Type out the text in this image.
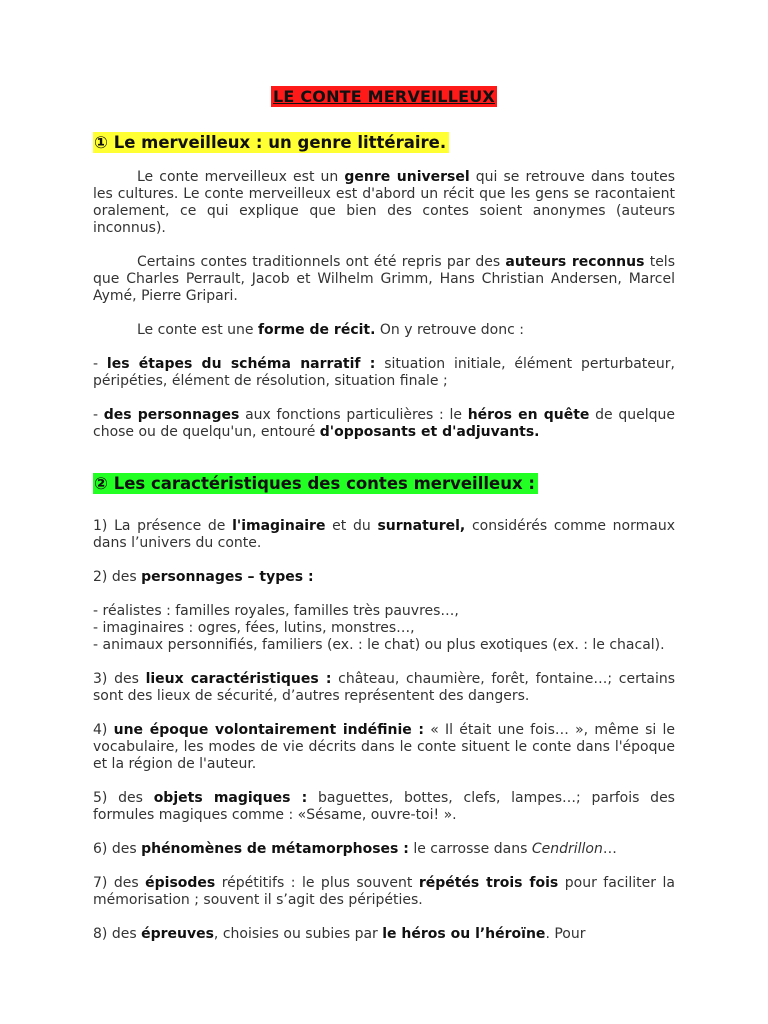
LE CONTE MERVEILLEUX
① Le merveilleux : un genre littéraire.

Le conte merveilleux est un genre universel qui se retrouve dans toutes les cultures. Le conte merveilleux est d'abord un récit que les gens se racontaient oralement, ce qui explique que bien des contes soient anonymes (auteurs inconnus).

Certains contes traditionnels ont été repris par des auteurs reconnus tels que Charles Perrault, Jacob et Wilhelm Grimm, Hans Christian Andersen, Marcel Aymé, Pierre Gripari.

Le conte est une forme de récit. On y retrouve donc :

- les étapes du schéma narratif : situation initiale, élément perturbateur, péripéties, élément de résolution, situation finale ;

- des personnages aux fonctions particulières : le héros en quête de quelque chose ou de quelqu'un, entouré d'opposants et d'adjuvants.

② Les caractéristiques des contes merveilleux :

1) La présence de l'imaginaire et du surnaturel, considérés comme normaux dans l’univers du conte.

2) des personnages – types :

- réalistes : familles royales, familles très pauvres…,

- imaginaires : ogres, fées, lutins, monstres…,

- animaux personnifiés, familiers (ex. : le chat) ou plus exotiques (ex. : le chacal).

3) des lieux caractéristiques : château, chaumière, forêt, fontaine…; certains sont des lieux de sécurité, d’autres représentent des dangers.

4) une époque volontairement indéfinie : « Il était une fois… », même si le vocabulaire, les modes de vie décrits dans le conte situent le conte dans l'époque et la région de l'auteur.

5) des objets magiques : baguettes, bottes, clefs, lampes…; parfois des formules magiques comme : «Sésame, ouvre-toi! ».

6) des phénomènes de métamorphoses : le carrosse dans Cendrillon…

7) des épisodes répétitifs : le plus souvent répétés trois fois pour faciliter la mémorisation ; souvent il s’agit des péripéties.

8) des épreuves, choisies ou subies par le héros ou l’héroïne. Pour
